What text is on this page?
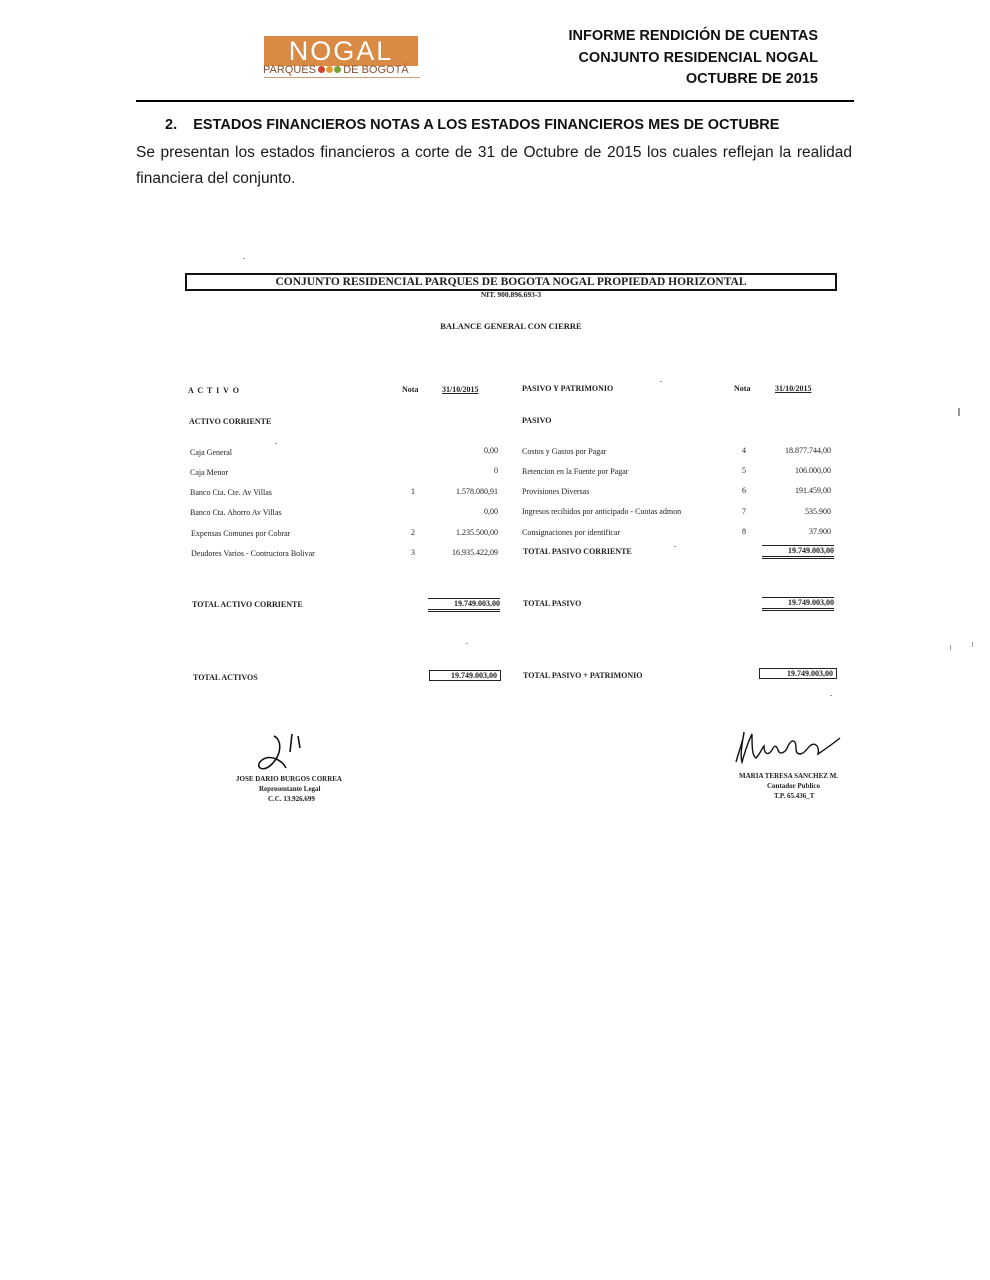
NOGAL
PARQUES DE BOGOTÁ
INFORME RENDICIÓN DE CUENTAS
CONJUNTO RESIDENCIAL NOGAL
OCTUBRE DE 2015
2. ESTADOS FINANCIEROS NOTAS A LOS ESTADOS FINANCIEROS MES DE OCTUBRE
Se presentan los estados financieros a corte de 31 de Octubre de 2015 los cuales reflejan la realidad financiera del conjunto.
CONJUNTO RESIDENCIAL PARQUES DE BOGOTA NOGAL PROPIEDAD HORIZONTAL
NIT. 900.896.693-3
BALANCE GENERAL CON CIERRE
A C T I V O	Nota	31/10/2015	PASIVO Y PATRIMONIO	Nota	31/10/2015
ACTIVO CORRIENTE	PASIVO
Caja General	0,00
Caja Menor	0
Banco Cta. Cte. Av Villas	1	1.578.080,91
Banco Cta. Ahorro Av Villas	0,00
Expensas Comunes por Cobrar	2	1.235.500,00
Deudores Varios - Contructora Bolivar	3	16.935.422,09
Costos y Gastos por Pagar	4	18.877.744,00
Retencion en la Fuente por Pagar	5	106.000,00
Provisiones Diversas	6	191.459,00
Ingresos recibidos por anticipado - Cuotas admon	7	535.900
Consignaciones por identificar	8	37.900
TOTAL PASIVO CORRIENTE	19.749.003,00
TOTAL ACTIVO CORRIENTE	19.749.003,00	TOTAL PASIVO	19.749.003,00
TOTAL ACTIVOS	19.749.003,00	TOTAL PASIVO + PATRIMONIO	19.749.003,00
JOSE DARIO BURGOS CORREA
Representante Legal
C.C. 13.926.699
MARIA TERESA SANCHEZ M.
Contador Publico
T.P. 65.436_T
